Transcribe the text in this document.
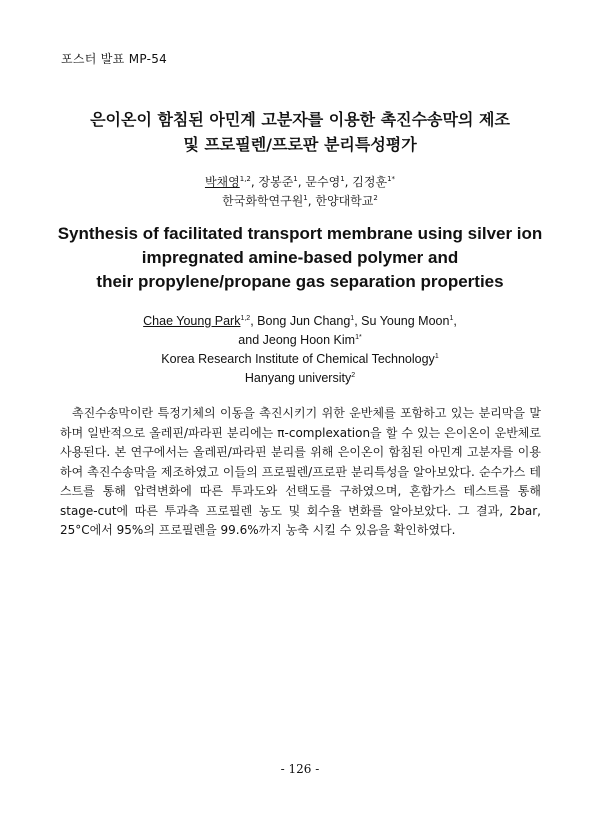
포스터 발표 MP-54
은이온이 함침된 아민계 고분자를 이용한 촉진수송막의 제조
및 프로필렌/프로판 분리특성평가
박채영$^{1,2}$, 장봉준$^1$, 문수영$^1$, 김정훈$^{1*}$
한국화학연구원$^1$, 한양대학교$^2$
Synthesis of facilitated transport membrane using silver ion
impregnated amine-based polymer and
their propylene/propane gas separation properties
Chae Young Park$^{1,2}$, Bong Jun Chang$^1$, Su Young Moon$^1$,
and Jeong Hoon Kim$^{1*}$
Korea Research Institute of Chemical Technology$^1$
Hanyang university$^2$

촉진수송막이란 특정기체의 이동을 촉진시키기 위한 운반체를 포함하고 있는 분리막을 말하며 일반적으로 올레핀/파라핀 분리에는 π-complexation을 할 수 있는 은이온이 운반체로 사용된다. 본 연구에서는 올레핀/파라핀 분리를 위해 은이온이 함침된 아민계 고분자를 이용하여 촉진수송막을 제조하였고 이들의 프로필렌/프로판 분리특성을 알아보았다. 순수가스 테스트를 통해 압력변화에 따른 투과도와 선택도를 구하였으며, 혼합가스 테스트를 통해 stage-cut에 따른 투과측 프로필렌 농도 및 회수율 변화를 알아보았다. 그 결과, 2bar, 25°C에서 95%의 프로필렌을 99.6%까지 농축 시킬 수 있음을 확인하였다.

- 126 -
